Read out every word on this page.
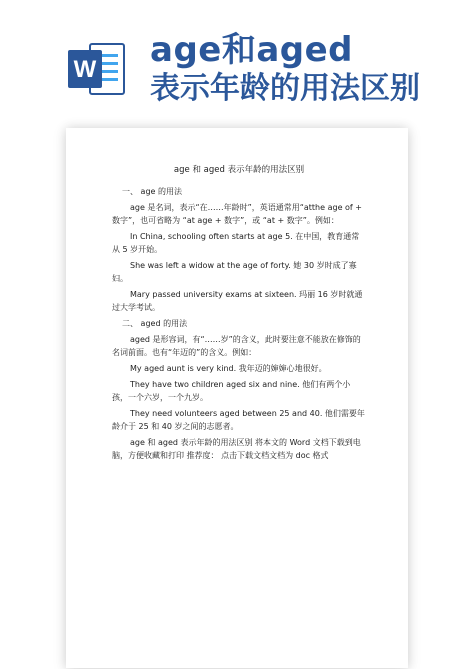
W age和aged
表示年龄的用法区别
age 和 aged 表示年龄的用法区别

一、 age 的用法

age 是名词，表示“在……年龄时”，英语通常用“atthe age of + 数字”，也可省略为 “at age + 数字”，或 “at + 数字”。例如：

In China, schooling often starts at age 5. 在中国，教育通常从 5 岁开始。

She was left a widow at the age of forty. 她 30 岁时成了寡妇。

Mary passed university exams at sixteen. 玛丽 16 岁时就通过大学考试。

二、 aged 的用法

aged 是形容词，有“……岁”的含义，此时要注意不能放在修饰的名词前面。也有“年迈的”的含义。例如：

My aged aunt is very kind. 我年迈的婶婶心地很好。

They have two children aged six and nine. 他们有两个小孩，一个六岁，一个九岁。

They need volunteers aged between 25 and 40. 他们需要年龄介于 25 和 40 岁之间的志愿者。

age 和 aged 表示年龄的用法区别 将本文的 Word 文档下载到电脑，方便收藏和打印 推荐度： 点击下载文档文档为 doc 格式
